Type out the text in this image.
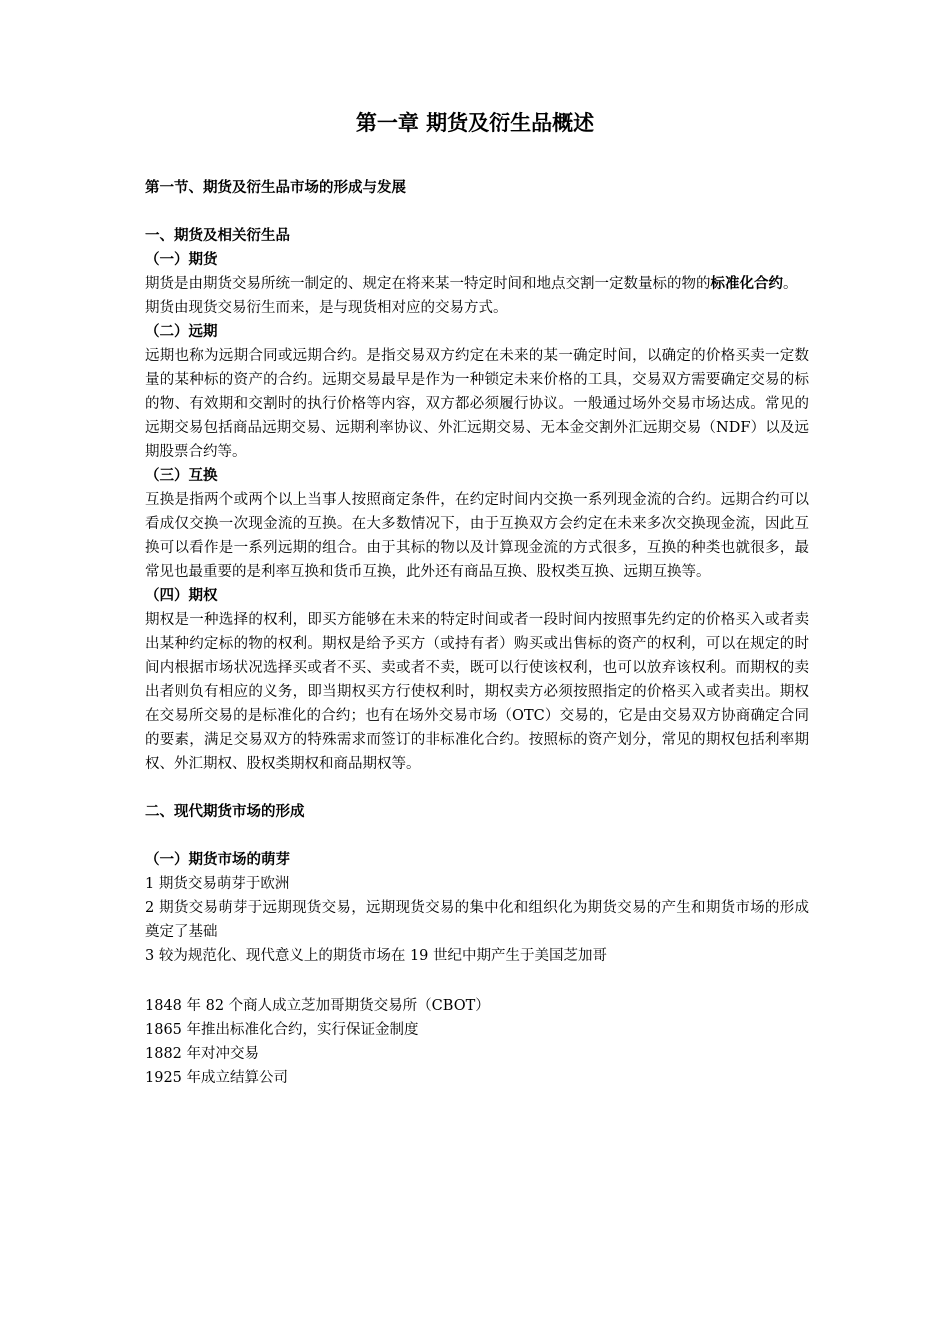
第一章 期货及衍生品概述

第一节、期货及衍生品市场的形成与发展

一、期货及相关衍生品

（一）期货

期货是由期货交易所统一制定的、规定在将来某一特定时间和地点交割一定数量标的物的标准化合约。

期货由现货交易衍生而来，是与现货相对应的交易方式。

（二）远期

远期也称为远期合同或远期合约。是指交易双方约定在未来的某一确定时间，以确定的价格买卖一定数量的某种标的资产的合约。远期交易最早是作为一种锁定未来价格的工具，交易双方需要确定交易的标的物、有效期和交割时的执行价格等内容，双方都必须履行协议。一般通过场外交易市场达成。常见的远期交易包括商品远期交易、远期利率协议、外汇远期交易、无本金交割外汇远期交易（NDF）以及远期股票合约等。

（三）互换

互换是指两个或两个以上当事人按照商定条件，在约定时间内交换一系列现金流的合约。远期合约可以看成仅交换一次现金流的互换。在大多数情况下，由于互换双方会约定在未来多次交换现金流，因此互换可以看作是一系列远期的组合。由于其标的物以及计算现金流的方式很多，互换的种类也就很多，最常见也最重要的是利率互换和货币互换，此外还有商品互换、股权类互换、远期互换等。

（四）期权

期权是一种选择的权利，即买方能够在未来的特定时间或者一段时间内按照事先约定的价格买入或者卖出某种约定标的物的权利。期权是给予买方（或持有者）购买或出售标的资产的权利，可以在规定的时间内根据市场状况选择买或者不买、卖或者不卖，既可以行使该权利，也可以放弃该权利。而期权的卖出者则负有相应的义务，即当期权买方行使权利时，期权卖方必须按照指定的价格买入或者卖出。期权在交易所交易的是标准化的合约；也有在场外交易市场（OTC）交易的，它是由交易双方协商确定合同的要素，满足交易双方的特殊需求而签订的非标准化合约。按照标的资产划分，常见的期权包括利率期权、外汇期权、股权类期权和商品期权等。

二、现代期货市场的形成

（一）期货市场的萌芽

1 期货交易萌芽于欧洲

2 期货交易萌芽于远期现货交易，远期现货交易的集中化和组织化为期货交易的产生和期货市场的形成奠定了基础

3 较为规范化、现代意义上的期货市场在 19 世纪中期产生于美国芝加哥

1848 年 82 个商人成立芝加哥期货交易所（CBOT）

1865 年推出标准化合约，实行保证金制度

1882 年对冲交易

1925 年成立结算公司
